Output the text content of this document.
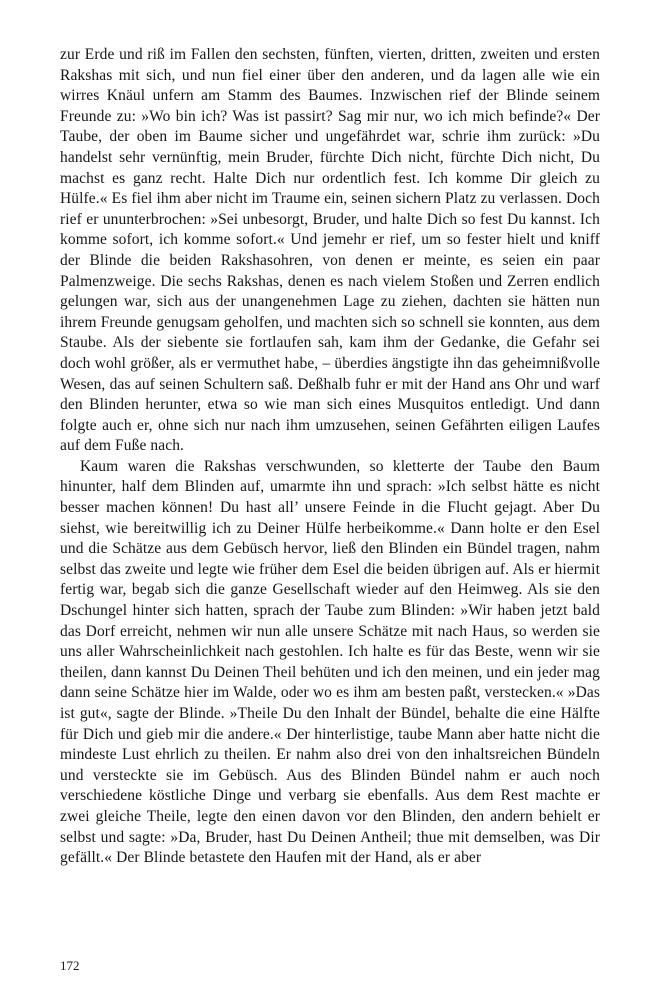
zur Erde und riß im Fallen den sechsten, fünften, vierten, dritten, zweiten und ersten Rakshas mit sich, und nun fiel einer über den anderen, und da lagen alle wie ein wirres Knäul unfern am Stamm des Baumes. Inzwischen rief der Blinde seinem Freunde zu: »Wo bin ich? Was ist passirt? Sag mir nur, wo ich mich befinde?« Der Taube, der oben im Baume sicher und ungefährdet war, schrie ihm zurück: »Du handelst sehr vernünftig, mein Bruder, fürchte Dich nicht, fürchte Dich nicht, Du machst es ganz recht. Halte Dich nur ordentlich fest. Ich komme Dir gleich zu Hülfe.« Es fiel ihm aber nicht im Traume ein, seinen sichern Platz zu verlassen. Doch rief er ununterbrochen: »Sei unbesorgt, Bruder, und halte Dich so fest Du kannst. Ich komme sofort, ich komme sofort.« Und jemehr er rief, um so fester hielt und kniff der Blinde die beiden Rakshasohren, von denen er meinte, es seien ein paar Palmenzweige. Die sechs Rakshas, denen es nach vielem Stoßen und Zerren endlich gelungen war, sich aus der unangenehmen Lage zu ziehen, dachten sie hätten nun ihrem Freunde genugsam geholfen, und machten sich so schnell sie konnten, aus dem Staube. Als der siebente sie fortlaufen sah, kam ihm der Gedanke, die Gefahr sei doch wohl größer, als er vermuthet habe, – überdies ängstigte ihn das geheimnißvolle Wesen, das auf seinen Schultern saß. Deßhalb fuhr er mit der Hand ans Ohr und warf den Blinden herunter, etwa so wie man sich eines Musquitos entledigt. Und dann folgte auch er, ohne sich nur nach ihm umzusehen, seinen Gefährten eiligen Laufes auf dem Fuße nach.

Kaum waren die Rakshas verschwunden, so kletterte der Taube den Baum hinunter, half dem Blinden auf, umarmte ihn und sprach: »Ich selbst hätte es nicht besser machen können! Du hast all’ unsere Feinde in die Flucht gejagt. Aber Du siehst, wie bereitwillig ich zu Deiner Hülfe herbeikomme.« Dann holte er den Esel und die Schätze aus dem Gebüsch hervor, ließ den Blinden ein Bündel tragen, nahm selbst das zweite und legte wie früher dem Esel die beiden übrigen auf. Als er hiermit fertig war, begab sich die ganze Gesellschaft wieder auf den Heimweg. Als sie den Dschungel hinter sich hatten, sprach der Taube zum Blinden: »Wir haben jetzt bald das Dorf erreicht, nehmen wir nun alle unsere Schätze mit nach Haus, so werden sie uns aller Wahrscheinlichkeit nach gestohlen. Ich halte es für das Beste, wenn wir sie theilen, dann kannst Du Deinen Theil behüten und ich den meinen, und ein jeder mag dann seine Schätze hier im Walde, oder wo es ihm am besten paßt, verstecken.« »Das ist gut«, sagte der Blinde. »Theile Du den Inhalt der Bündel, behalte die eine Hälfte für Dich und gieb mir die andere.« Der hinterlistige, taube Mann aber hatte nicht die mindeste Lust ehrlich zu theilen. Er nahm also drei von den inhaltsreichen Bündeln und versteckte sie im Gebüsch. Aus des Blinden Bündel nahm er auch noch verschiedene köstliche Dinge und verbarg sie ebenfalls. Aus dem Rest machte er zwei gleiche Theile, legte den einen davon vor den Blinden, den andern behielt er selbst und sagte: »Da, Bruder, hast Du Deinen Antheil; thue mit demselben, was Dir gefällt.« Der Blinde betastete den Haufen mit der Hand, als er aber

172
